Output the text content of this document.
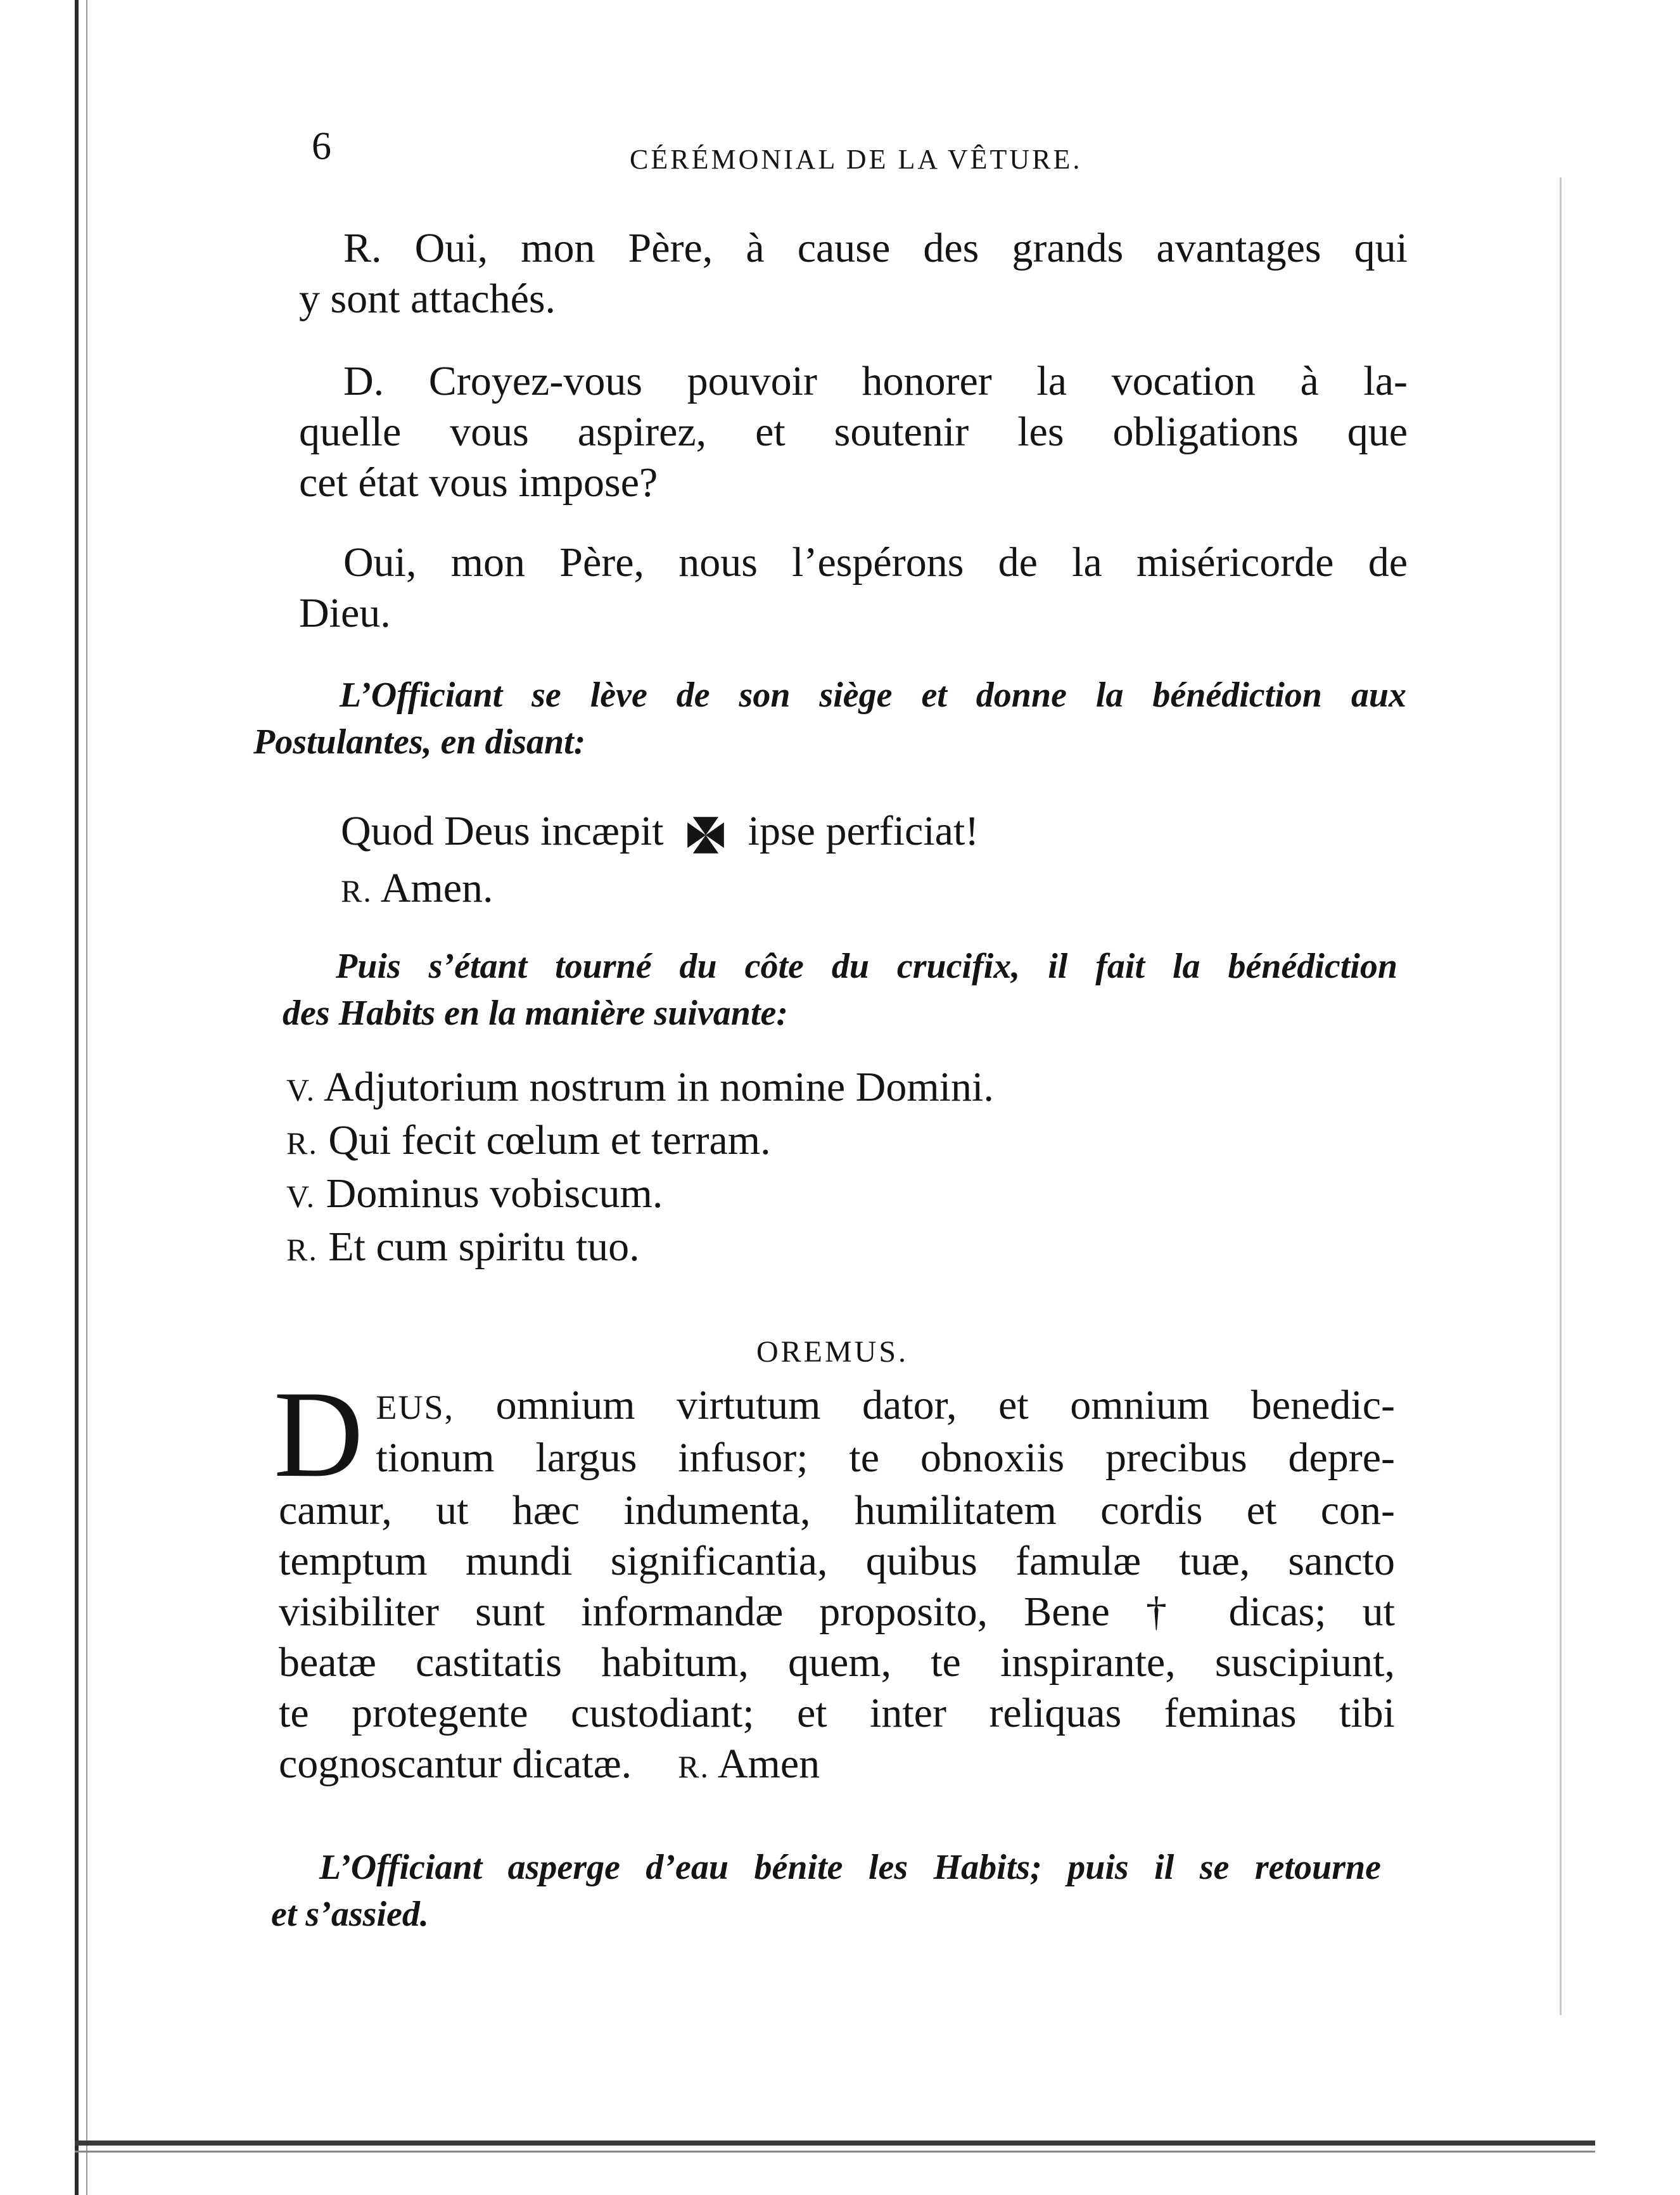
6	CÉRÉMONIAL DE LA VÊTURE.
R. Oui, mon Père, à cause des grands avantages qui
y sont attachés.
D. Croyez-vous pouvoir honorer la vocation à la-
quelle vous aspirez, et soutenir les obligations que
cet état vous impose?
Oui, mon Père, nous l’espérons de la miséricorde de
Dieu.
L’Officiant se lève de son siège et donne la bénédiction aux
Postulantes, en disant:
Quod Deus incæpit ipse perficiat!
R. Amen.
Puis s’étant tourné du côte du crucifix, il fait la bénédiction
des Habits en la manière suivante:
V. Adjutorium nostrum in nomine Domini.
R. Qui fecit cœlum et terram.
V. Dominus vobiscum.
R. Et cum spiritu tuo.
OREMUS.
D EUS, omnium virtutum dator, et omnium benedic-
tionum largus infusor; te obnoxiis precibus depre-
camur, ut hæc indumenta, humilitatem cordis et con-
temptum mundi significantia, quibus famulæ tuæ, sancto
visibiliter sunt informandæ proposito, Bene † dicas; ut
beatæ castitatis habitum, quem, te inspirante, suscipiunt,
te protegente custodiant; et inter reliquas feminas tibi
cognoscantur dicatæ. R. Amen
L’Officiant asperge d’eau bénite les Habits; puis il se retourne
et s’assied.
